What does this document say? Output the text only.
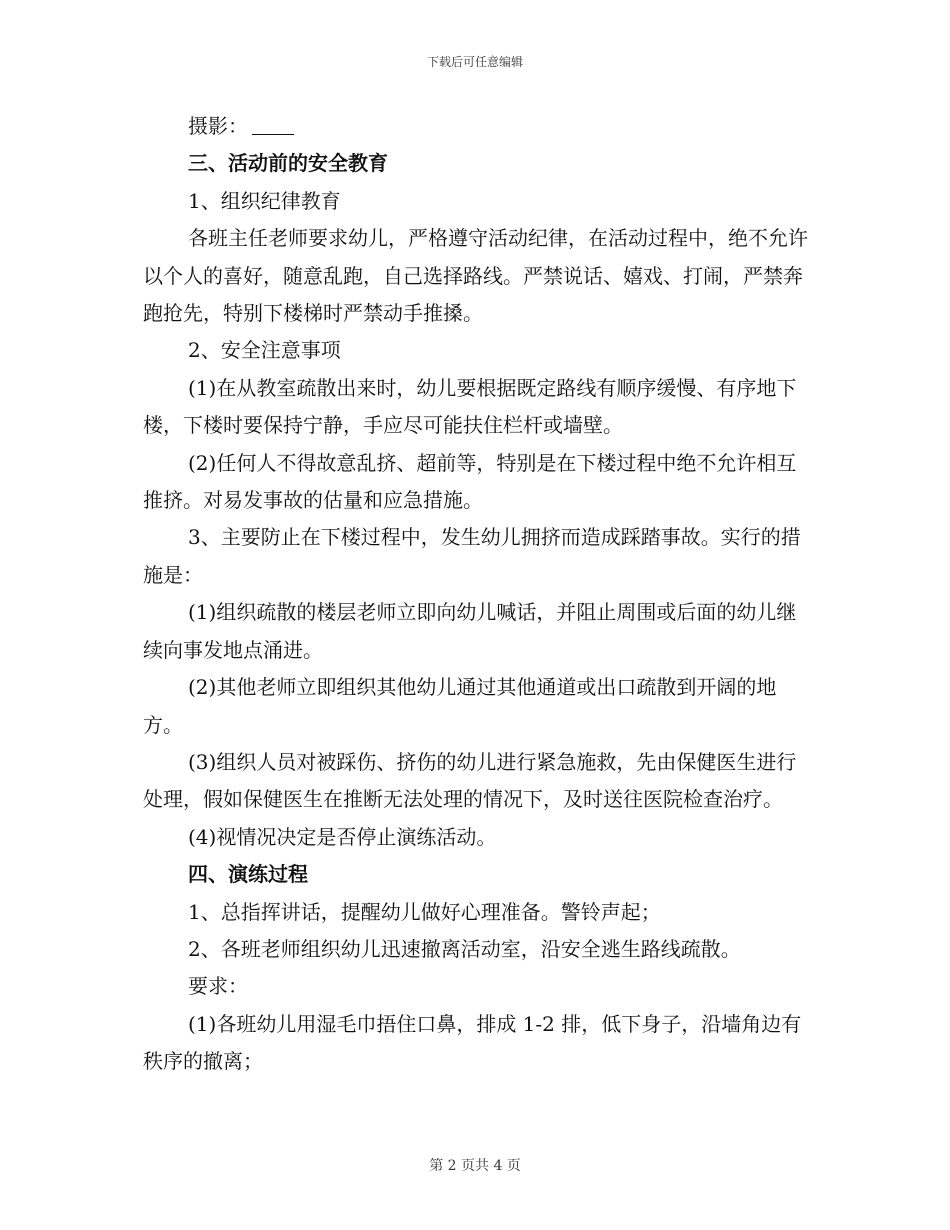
下载后可任意编辑

摄影：

三、活动前的安全教育

1、组织纪律教育

各班主任老师要求幼儿，严格遵守活动纪律，在活动过程中，绝不允许以个人的喜好，随意乱跑，自己选择路线。严禁说话、嬉戏、打闹，严禁奔跑抢先，特别下楼梯时严禁动手推搡。

2、安全注意事项

(1)在从教室疏散出来时，幼儿要根据既定路线有顺序缓慢、有序地下楼，下楼时要保持宁静，手应尽可能扶住栏杆或墙壁。

(2)任何人不得故意乱挤、超前等，特别是在下楼过程中绝不允许相互推挤。对易发事故的估量和应急措施。

3、主要防止在下楼过程中，发生幼儿拥挤而造成踩踏事故。实行的措施是：

(1)组织疏散的楼层老师立即向幼儿喊话，并阻止周围或后面的幼儿继续向事发地点涌进。

(2)其他老师立即组织其他幼儿通过其他通道或出口疏散到开阔的地方。

(3)组织人员对被踩伤、挤伤的幼儿进行紧急施救，先由保健医生进行处理，假如保健医生在推断无法处理的情况下，及时送往医院检查治疗。

(4)视情况决定是否停止演练活动。

四、演练过程

1、总指挥讲话，提醒幼儿做好心理准备。警铃声起；

2、各班老师组织幼儿迅速撤离活动室，沿安全逃生路线疏散。

要求：

(1)各班幼儿用湿毛巾捂住口鼻，排成 1-2 排，低下身子，沿墙角边有秩序的撤离；

第 2 页共 4 页
